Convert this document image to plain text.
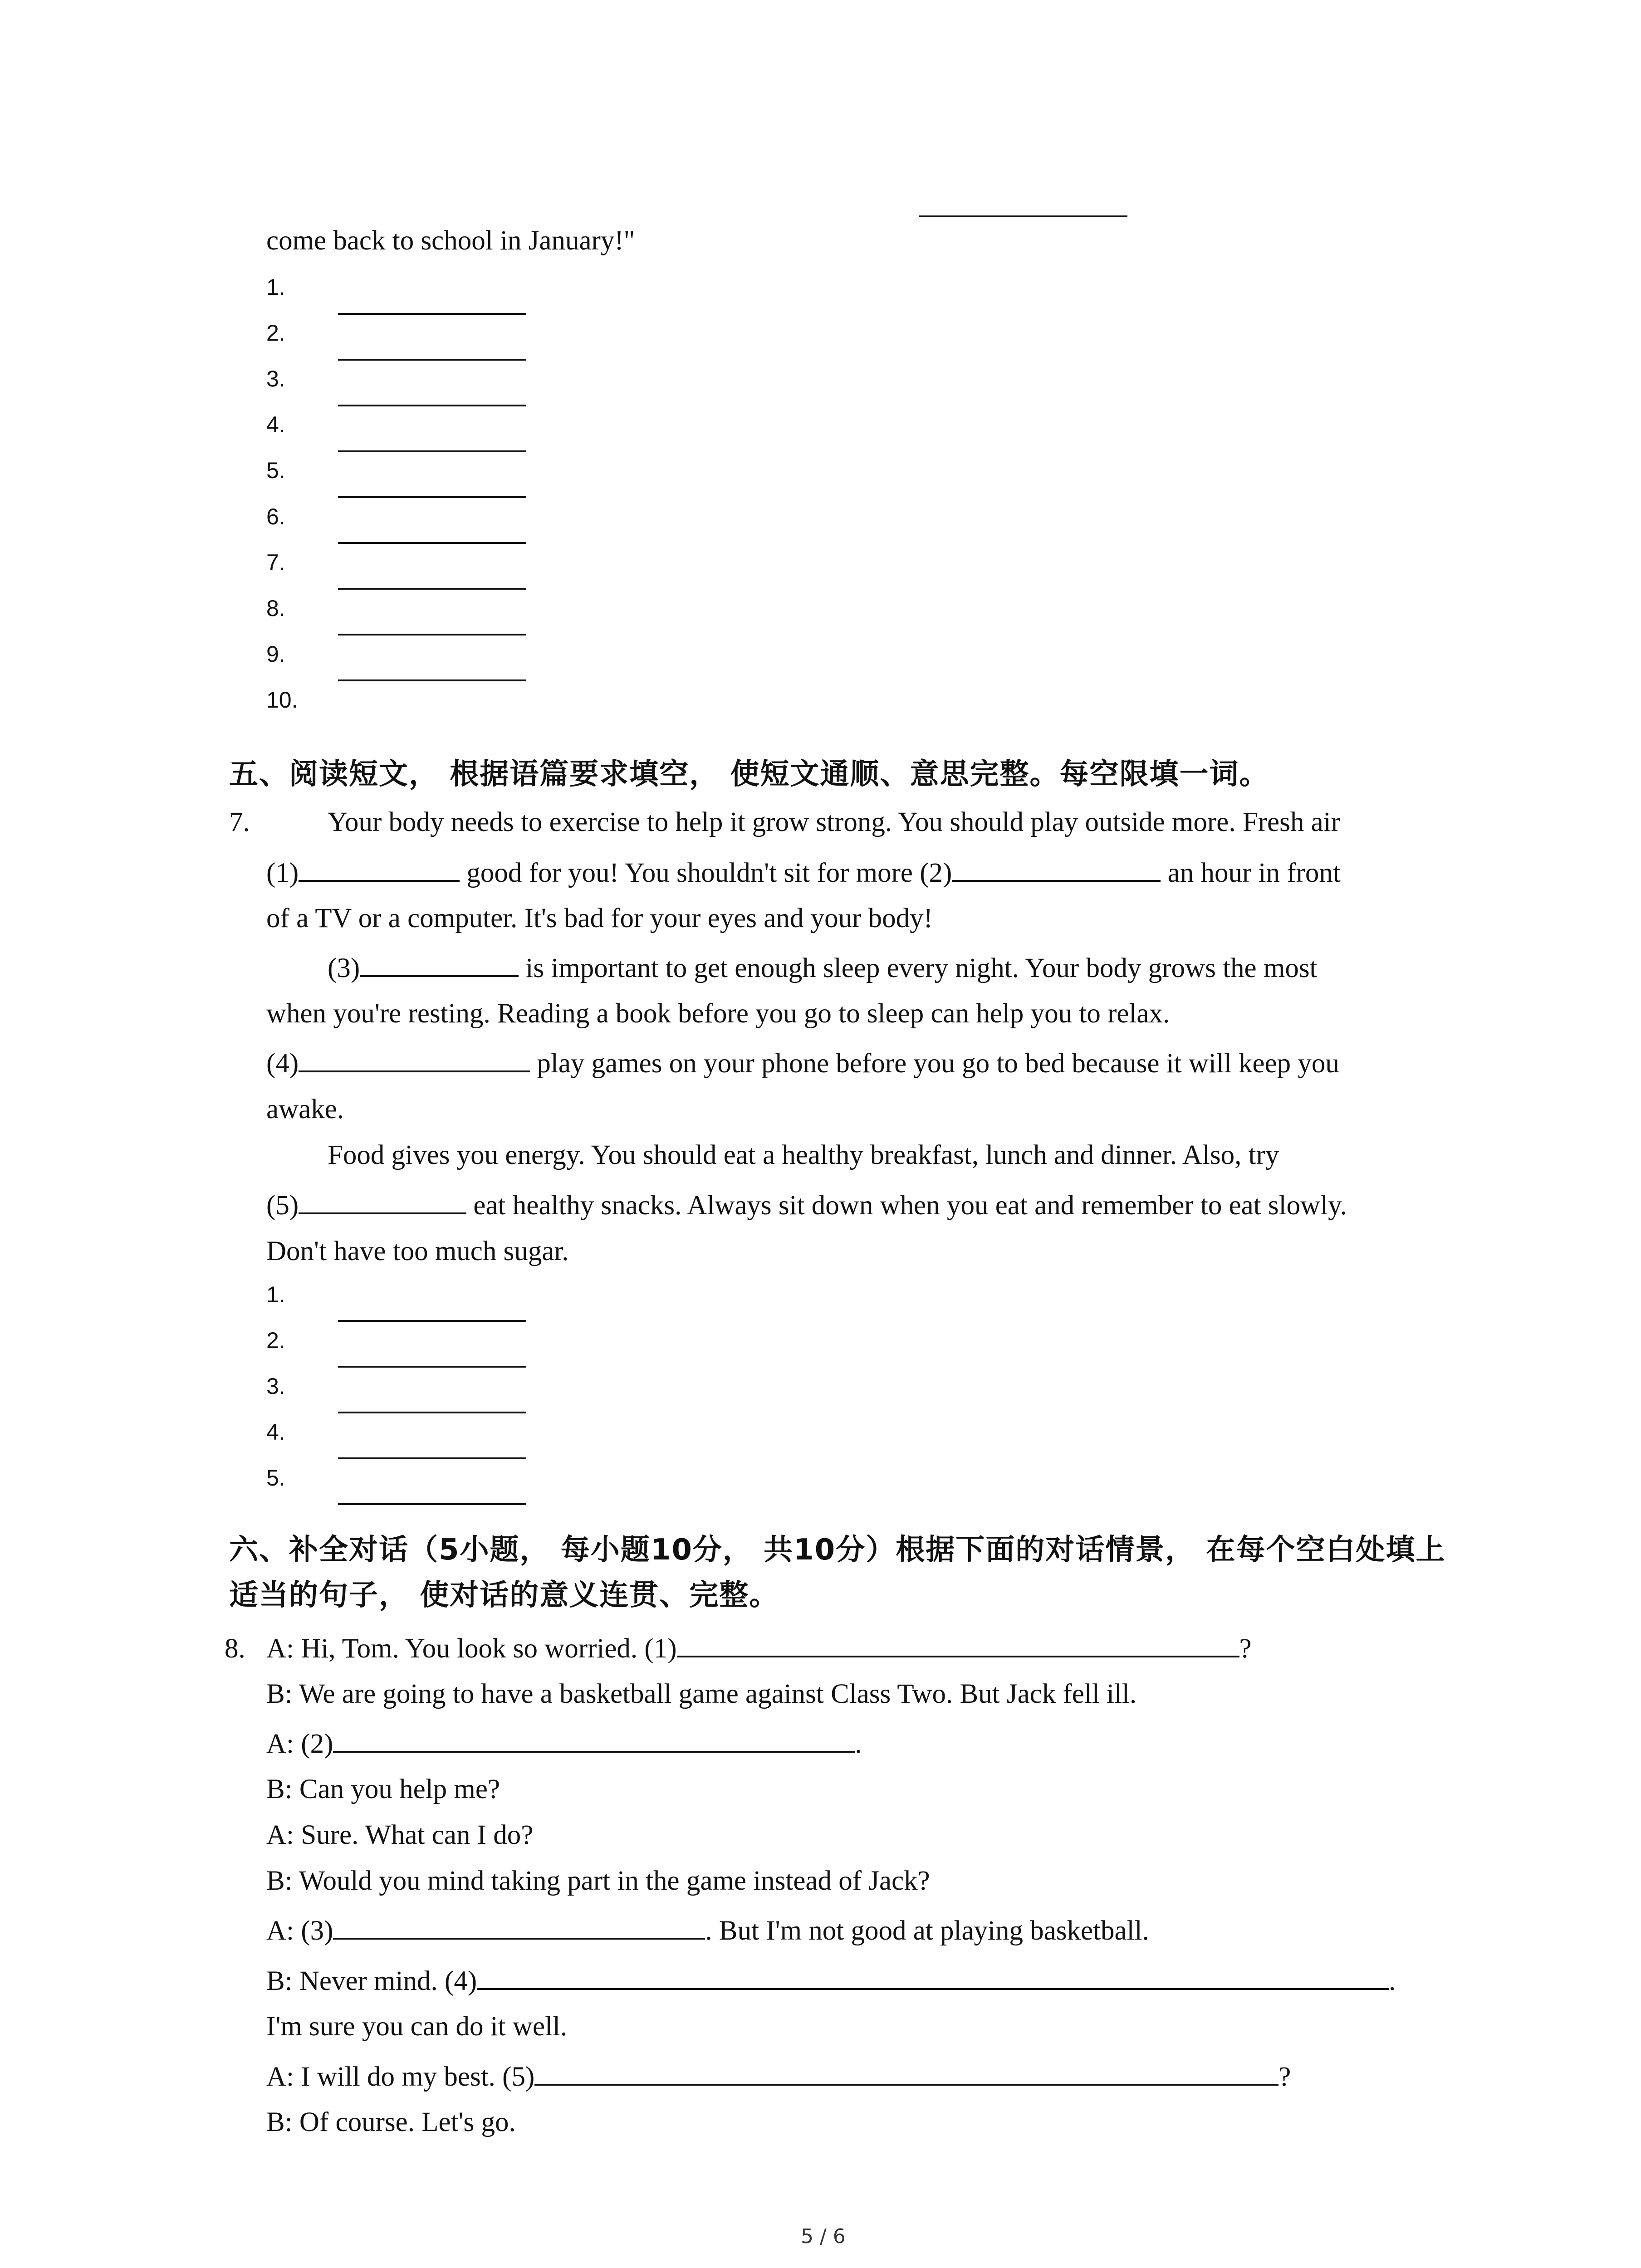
come back to school in January!"
1.
2.
3.
4.
5.
6.
7.
8.
9.
10.
五、阅读短文， 根据语篇要求填空， 使短文通顺、意思完整。每空限填一词。
7.	Your body needs to exercise to help it grow strong. You should play outside more. Fresh air
(1)	good for you! You shouldn't sit for more (2)	an hour in front
of a TV or a computer. It's bad for your eyes and your body!
(3)	is important to get enough sleep every night. Your body grows the most
when you're resting. Reading a book before you go to sleep can help you to relax.
(4)	play games on your phone before you go to bed because it will keep you
awake.
Food gives you energy. You should eat a healthy breakfast, lunch and dinner. Also, try
(5)	eat healthy snacks. Always sit down when you eat and remember to eat slowly.
Don't have too much sugar.
1.
2.
3.
4.
5.
六、补全对话（5小题， 每小题10分， 共10分）根据下面的对话情景， 在每个空白处填上
适当的句子， 使对话的意义连贯、完整。
8. A: Hi, Tom. You look so worried. (1)	?
B: We are going to have a basketball game against Class Two. But Jack fell ill.
A: (2)	.
B: Can you help me?
A: Sure. What can I do?
B: Would you mind taking part in the game instead of Jack?
A: (3)	. But I'm not good at playing basketball.
B: Never mind. (4)	.
I'm sure you can do it well.
A: I will do my best. (5)	?
B: Of course. Let's go.
5 / 6
